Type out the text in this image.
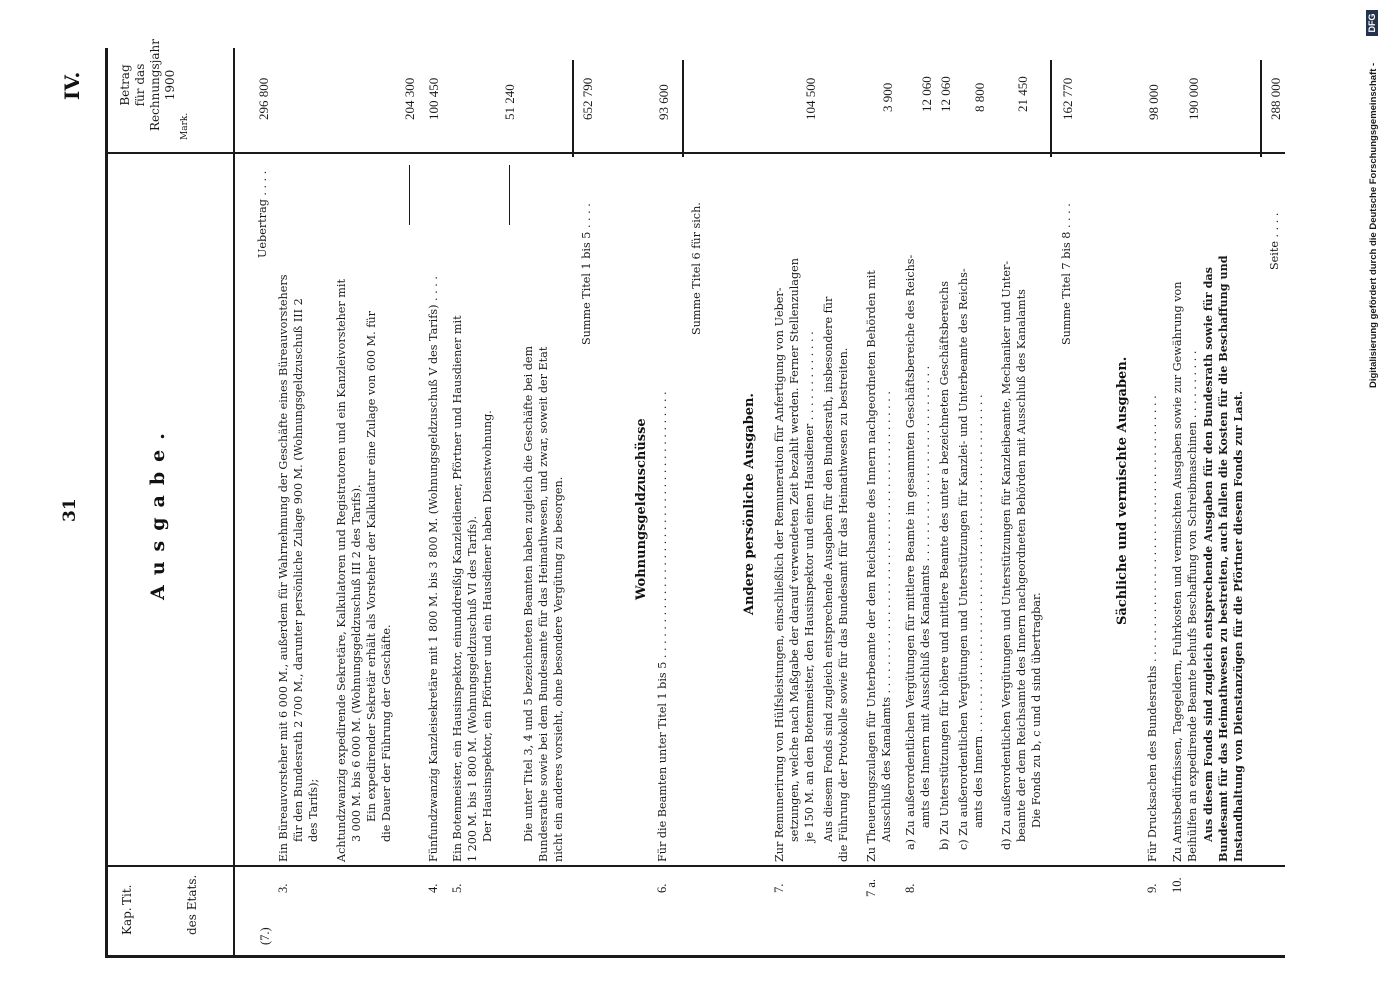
31
IV.
Ausgabe.
Digitalisierung gefördert durch die Deutsche Forschungsgemeinschaft -
DFG
Kap.
Tit.	des Etats.
Betrag für das Rechnungsjahr 1900
Mark.
(7.)
Uebertrag . . . .
296 800
3.
Ein Büreauvorsteher mit 6 000 M., außerdem für Wahrnehmung der Geschäfte eines Büreauvorstehers für den Bundesrath 2 700 M., darunter persönliche Zulage 900 M. (Wohnungsgeldzuschuß III 2 des Tarifs); Achtundzwanzig expedirende Sekretäre, Kalkulatoren und Registratoren und ein Kanzleivorsteher mit 3 000 M. bis 6 000 M. (Wohnungsgeldzuschuß III 2 des Tarifs). Ein expedirender Sekretär erhält als Vorsteher der Kalkulatur eine Zulage von 600 M. für die Dauer der Führung der Geschäfte.
204 300
4.
Fünfundzwanzig Kanzleisekretäre mit 1 800 M. bis 3 800 M. (Wohnungsgeldzuschuß V des Tarifs) . . . .
100 450
5.
Ein Botenmeister, ein Hausinspektor, einunddreißig Kanzleidiener, Pförtner und Hausdiener mit 1 200 M. bis 1 800 M. (Wohnungsgeldzuschuß VI des Tarifs). Der Hausinspektor, ein Pförtner und ein Hausdiener haben Dienstwohnung.
51 240
Die unter Titel 3, 4 und 5 bezeichneten Beamten haben zugleich die Geschäfte bei dem Bundesrathe sowie bei dem Bundesamte für das Heimathwesen, und zwar, soweit der Etat nicht ein anderes vorsieht, ohne besondere Vergütung zu besorgen.
Summe Titel 1 bis 5 . . . .
652 790
Wohnungsgeldzuschüsse
6.
Für die Beamten unter Titel 1 bis 5 . . . . . . . . . . . . . . . . . . . . . . . . . . . . . . . . . . . . . .
93 600
Summe Titel 6 für sich.
Andere persönliche Ausgaben.
7.
Zur Remunerirung von Hülfsleistungen, einschließlich der Remuneration für Anfertigung von Ueber- setzungen, welche nach Maßgabe der darauf verwendeten Zeit bezahlt werden. Ferner Stellenzulagen je 150 M. an den Botenmeister, den Hausinspektor und einen Hausdiener . . . . . . . . . . . . . Aus diesem Fonds sind zugleich entsprechende Ausgaben für den Bundesrath, insbesondere für die Führung der Protokolle sowie für das Bundesamt für das Heimathwesen zu bestreiten.
104 500
7 a.
Zu Theuerungszulagen für Unterbeamte der dem Reichsamte des Innern nachgeordneten Behörden mit Ausschluß des Kanalamts . . . . . . . . . . . . . . . . . . . . . . . . . . . . . . . . . . . . . . . . . . .
3 900
8.
a) Zu außerordentlichen Vergütungen für mittlere Beamte im gesammten Geschäftsbereiche des Reichs- amts des Innern mit Ausschluß des Kanalamts . . . . . . . . . . . . . . . . . . . . . . . . . . . .
12 060
b) Zu Unterstützungen für höhere und mittlere Beamte des unter a bezeichneten Geschäftsbereichs
12 060
c) Zu außerordentlichen Vergütungen und Unterstützungen für Kanzlei- und Unterbeamte des Reichs- amts des Innern . . . . . . . . . . . . . . . . . . . . . . . . . . . . . . . . . . . . . . . . . . . . . . . .
8 800
d) Zu außerordentlichen Vergütungen und Unterstützungen für Kanzleibeamte, Mechaniker und Unter- beamte der dem Reichsamte des Innern nachgeordneten Behörden mit Ausschluß des Kanalamts Die Fonds zu b, c und d sind übertragbar.
21 450
Summe Titel 7 bis 8 . . . .
162 770
Sächliche und vermischte Ausgaben.
9.
Für Drucksachen des Bundesraths . . . . . . . . . . . . . . . . . . . . . . . . . . . . . . . . . . . . . .
98 000
10.
Zu Amtsbedürfnissen, Tagegeldern, Fuhrkosten und vermischten Ausgaben sowie zur Gewährung von Beihülfen an expedirende Beamte behufs Beschaffung von Schreibmaschinen . . . . . . . . . . Aus diesem Fonds sind zugleich entsprechende Ausgaben für den Bundesrath sowie für das Bundesamt für das Heimathwesen zu bestreiten, auch fallen die Kosten für die Beschaffung und Instandhaltung von Dienstanzügen für die Pförtner diesem Fonds zur Last.
190 000
Seite . . . .
288 000
